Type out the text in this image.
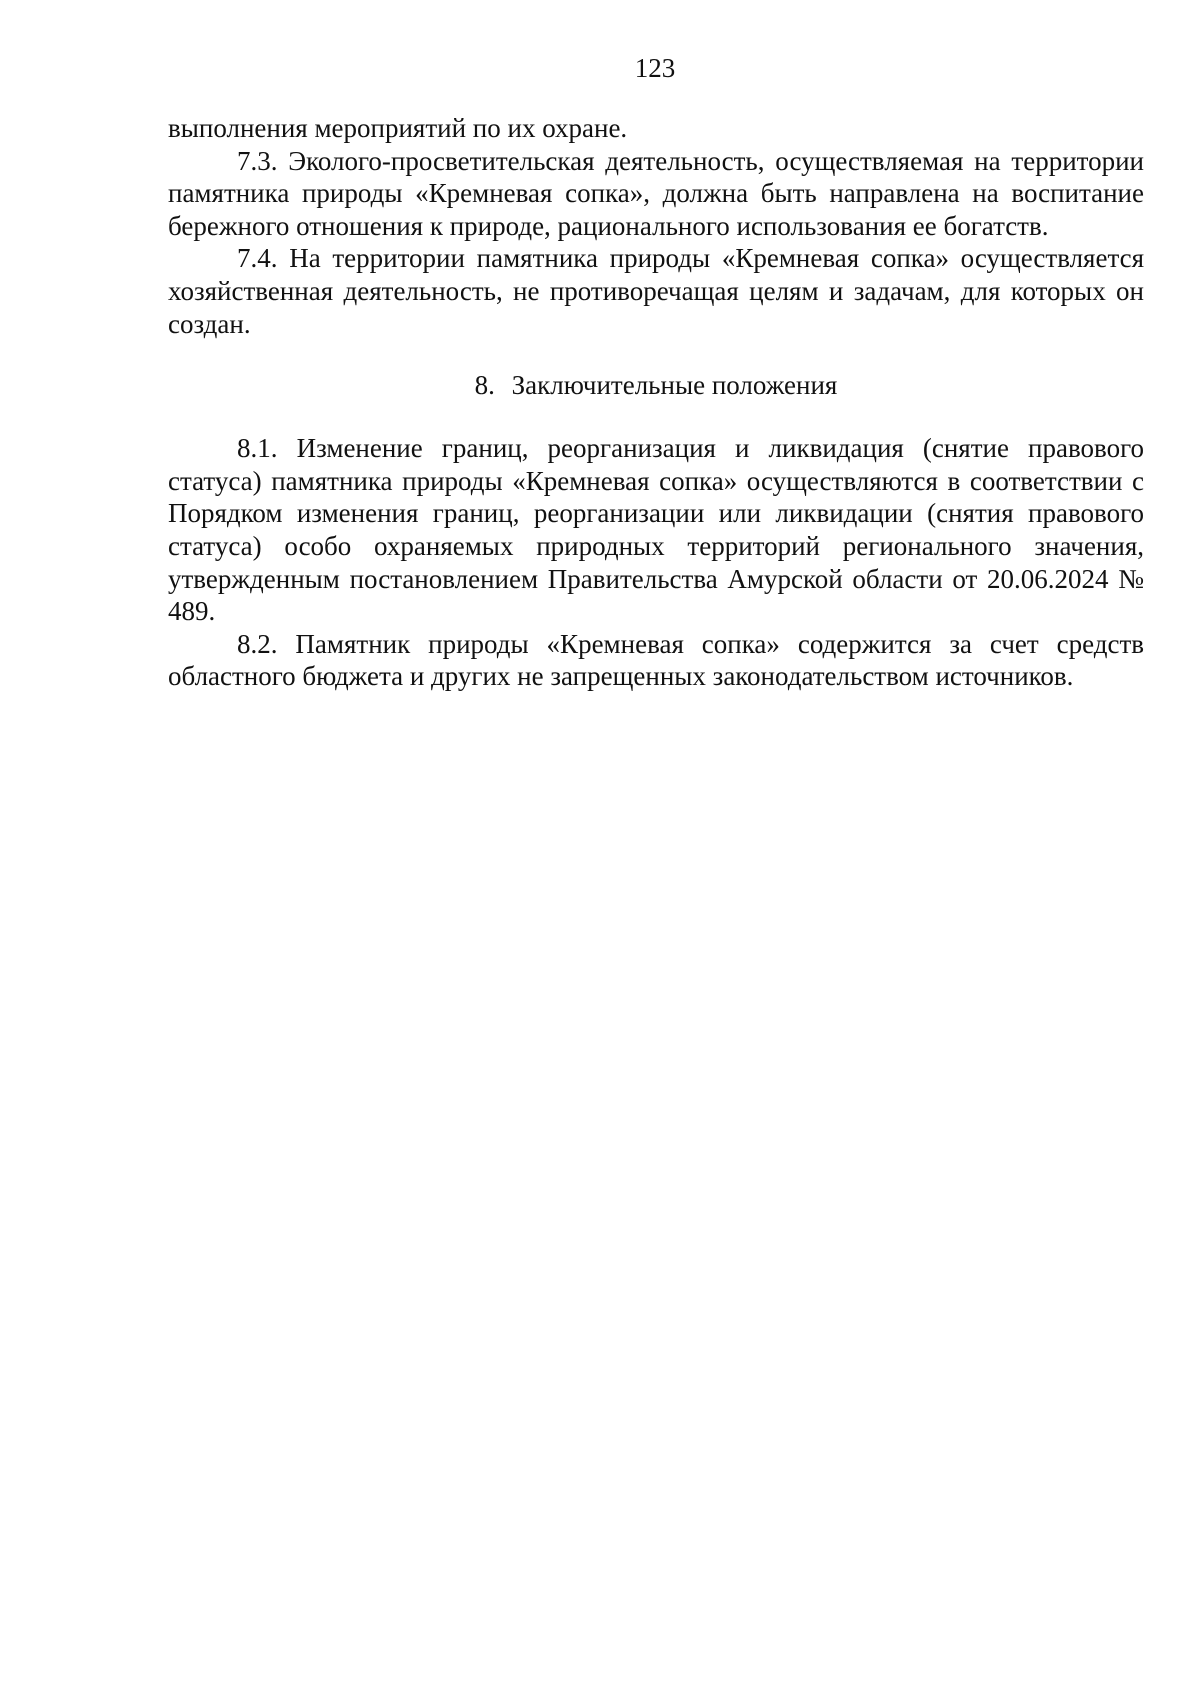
123

выполнения мероприятий по их охране.

7.3. Эколого-просветительская деятельность, осуществляемая на территории памятника природы «Кремневая сопка», должна быть направлена на воспитание бережного отношения к природе, рационального использования ее богатств.

7.4. На территории памятника природы «Кремневая сопка» осуществляется хозяйственная деятельность, не противоречащая целям и задачам, для которых он создан.

8. Заключительные положения

8.1. Изменение границ, реорганизация и ликвидация (снятие правового статуса) памятника природы «Кремневая сопка» осуществляются в соответствии с Порядком изменения границ, реорганизации или ликвидации (снятия правового статуса) особо охраняемых природных территорий регионального значения, утвержденным постановлением Правительства Амурской области от 20.06.2024 № 489.

8.2. Памятник природы «Кремневая сопка» содержится за счет средств областного бюджета и других не запрещенных законодательством источников.
